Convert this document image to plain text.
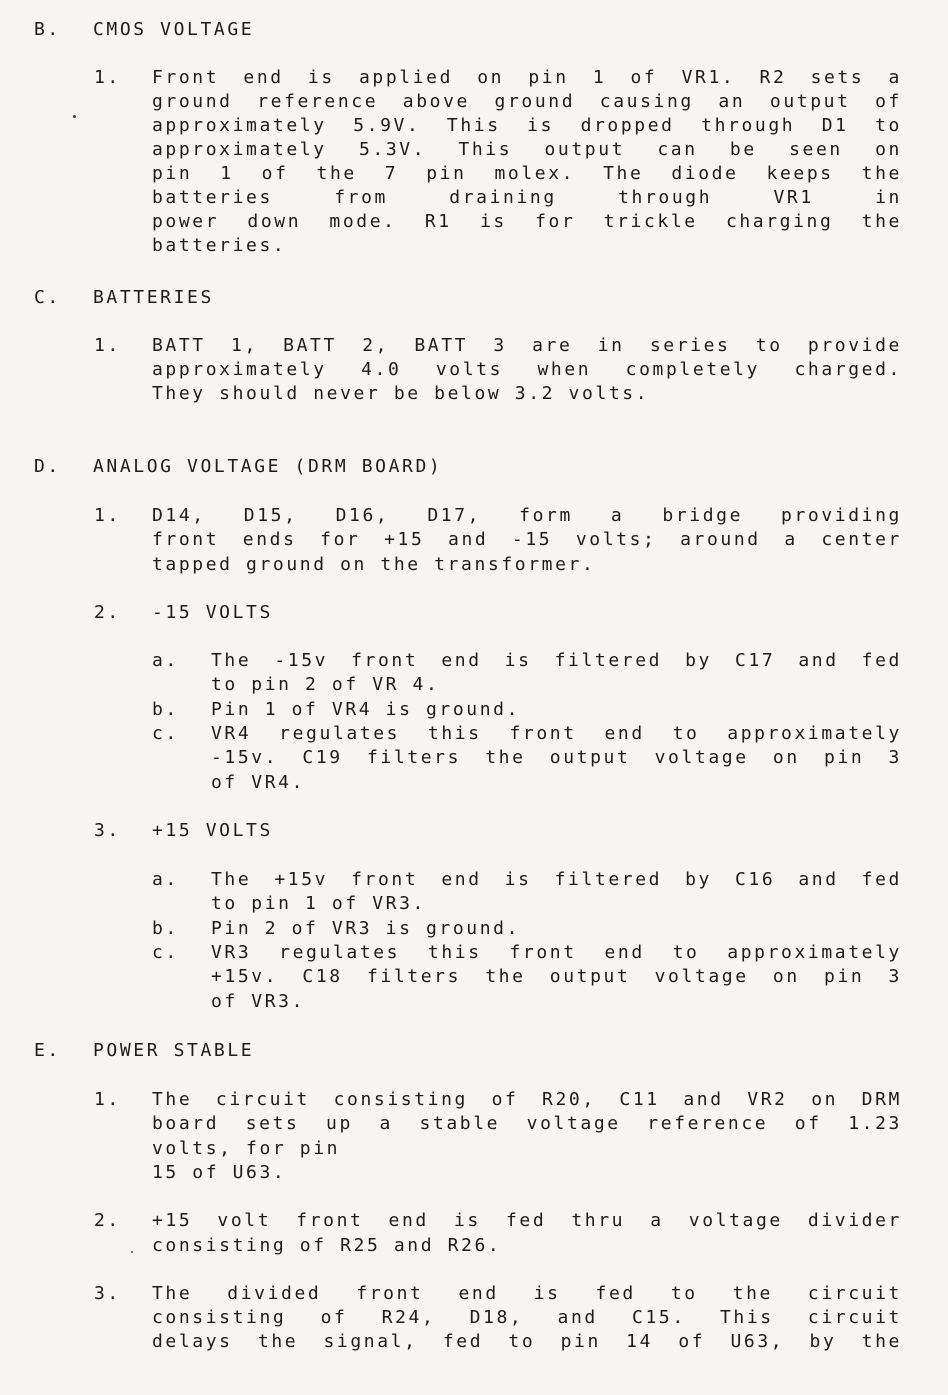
B. CMOS VOLTAGE
1. Front end is applied on pin 1 of VR1. R2 sets a
ground reference above ground causing an output of
approximately 5.9V. This is dropped through D1 to
approximately 5.3V. This output can be seen on
pin 1 of the 7 pin molex. The diode keeps the
batteries from draining through VR1 in
power down mode. R1 is for trickle charging the
batteries.
C. BATTERIES
1. BATT 1, BATT 2, BATT 3 are in series to provide
approximately 4.0 volts when completely charged.
They should never be below 3.2 volts.
D. ANALOG VOLTAGE (DRM BOARD)
1. D14, D15, D16, D17, form a bridge providing
front ends for +15 and -15 volts; around a center
tapped ground on the transformer.
2. -15 VOLTS
a. The -15v front end is filtered by C17 and fed
to pin 2 of VR 4.
b. Pin 1 of VR4 is ground.
c. VR4 regulates this front end to approximately
-15v. C19 filters the output voltage on pin 3
of VR4.
3. +15 VOLTS
a. The +15v front end is filtered by C16 and fed
to pin 1 of VR3.
b. Pin 2 of VR3 is ground.
c. VR3 regulates this front end to approximately
+15v. C18 filters the output voltage on pin 3
of VR3.
E. POWER STABLE
1. The circuit consisting of R20, C11 and VR2 on DRM
board sets up a stable voltage reference of 1.23
volts, for pin
15 of U63.
2. +15 volt front end is fed thru a voltage divider
consisting of R25 and R26.
3. The divided front end is fed to the circuit
consisting of R24, D18, and C15. This circuit
delays the signal, fed to pin 14 of U63, by the
